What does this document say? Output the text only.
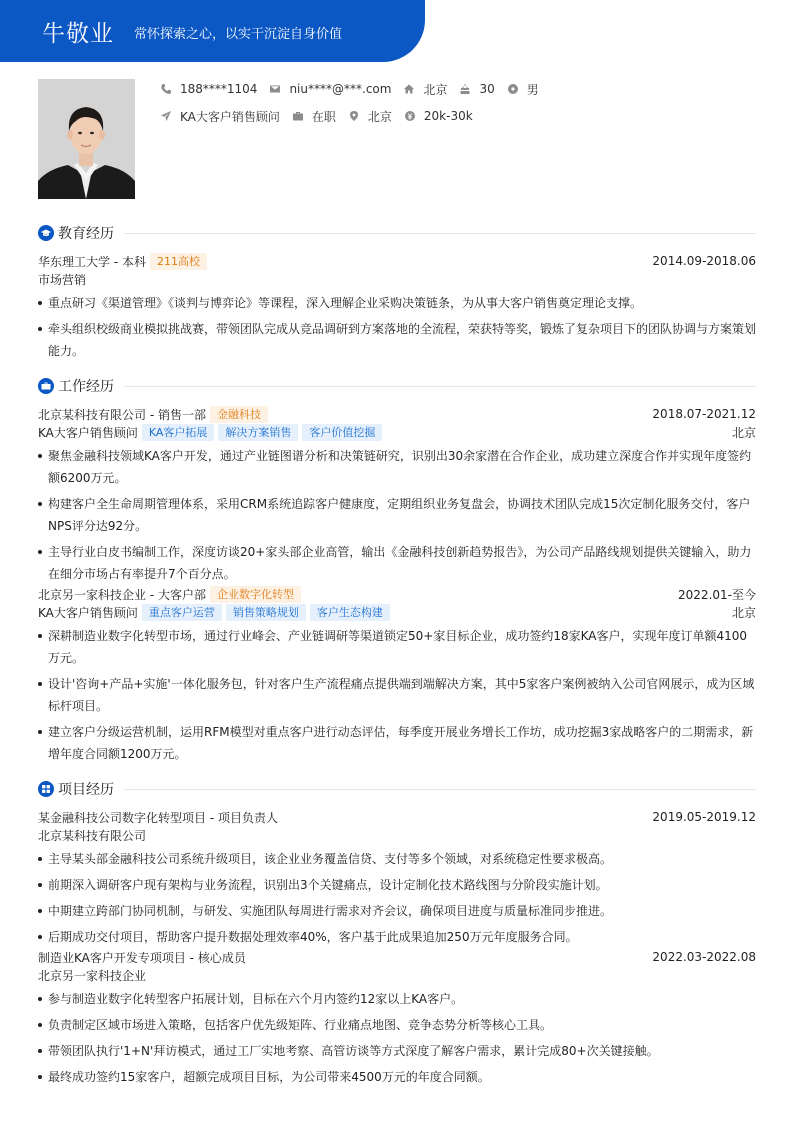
牛敬业 常怀探索之心，以实干沉淀自身价值
188****1104	niu****@***.com	北京	30	男
KA大客户销售顾问	在职	北京	20k-30k
教育经历
华东理工大学 - 本科	211高校	2014.09-2018.06
市场营销
重点研习《渠道管理》《谈判与博弈论》等课程，深入理解企业采购决策链条，为从事大客户销售奠定理论支撑。
牵头组织校级商业模拟挑战赛，带领团队完成从竞品调研到方案落地的全流程，荣获特等奖，锻炼了复杂项目下的团队协调与方案策划能力。
工作经历
北京某科技有限公司 - 销售一部	金融科技	2018.07-2021.12
KA大客户销售顾问	KA客户拓展	解决方案销售	客户价值挖掘	北京
聚焦金融科技领域KA客户开发，通过产业链图谱分析和决策链研究，识别出30余家潜在合作企业，成功建立深度合作并实现年度签约额6200万元。
构建客户全生命周期管理体系，采用CRM系统追踪客户健康度，定期组织业务复盘会，协调技术团队完成15次定制化服务交付，客户NPS评分达92分。
主导行业白皮书编制工作，深度访谈20+家头部企业高管，输出《金融科技创新趋势报告》，为公司产品路线规划提供关键输入，助力在细分市场占有率提升7个百分点。
北京另一家科技企业 - 大客户部	企业数字化转型	2022.01-至今
KA大客户销售顾问	重点客户运营	销售策略规划	客户生态构建	北京
深耕制造业数字化转型市场，通过行业峰会、产业链调研等渠道锁定50+家目标企业，成功签约18家KA客户，实现年度订单额4100万元。
设计'咨询+产品+实施'一体化服务包，针对客户生产流程痛点提供端到端解决方案，其中5家客户案例被纳入公司官网展示，成为区域标杆项目。
建立客户分级运营机制，运用RFM模型对重点客户进行动态评估，每季度开展业务增长工作坊，成功挖掘3家战略客户的二期需求，新增年度合同额1200万元。
项目经历
某金融科技公司数字化转型项目 - 项目负责人	2019.05-2019.12
北京某科技有限公司
主导某头部金融科技公司系统升级项目，该企业业务覆盖信贷、支付等多个领域，对系统稳定性要求极高。
前期深入调研客户现有架构与业务流程，识别出3个关键痛点，设计定制化技术路线图与分阶段实施计划。
中期建立跨部门协同机制，与研发、实施团队每周进行需求对齐会议，确保项目进度与质量标准同步推进。
后期成功交付项目，帮助客户提升数据处理效率40%，客户基于此成果追加250万元年度服务合同。
制造业KA客户开发专项项目 - 核心成员	2022.03-2022.08
北京另一家科技企业
参与制造业数字化转型客户拓展计划，目标在六个月内签约12家以上KA客户。
负责制定区域市场进入策略，包括客户优先级矩阵、行业痛点地图、竞争态势分析等核心工具。
带领团队执行'1+N'拜访模式，通过工厂实地考察、高管访谈等方式深度了解客户需求，累计完成80+次关键接触。
最终成功签约15家客户，超额完成项目目标，为公司带来4500万元的年度合同额。
